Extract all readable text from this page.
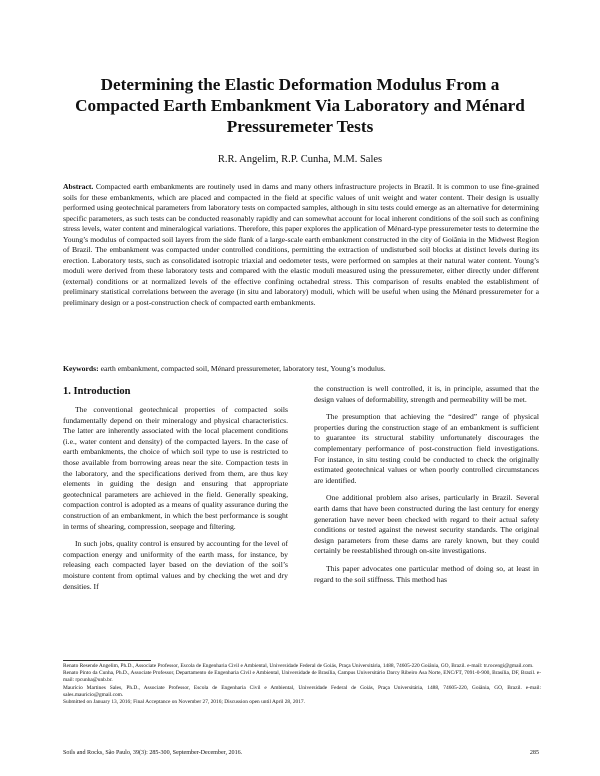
Determining the Elastic Deformation Modulus From a Compacted Earth Embankment Via Laboratory and Ménard Pressuremeter Tests
R.R. Angelim, R.P. Cunha, M.M. Sales
Abstract. Compacted earth embankments are routinely used in dams and many others infrastructure projects in Brazil. It is common to use fine-grained soils for these embankments, which are placed and compacted in the field at specific values of unit weight and water content. Their design is usually performed using geotechnical parameters from laboratory tests on compacted samples, although in situ tests could emerge as an alternative for determining specific parameters, as such tests can be conducted reasonably rapidly and can somewhat account for local inherent conditions of the soil such as confining stress levels, water content and mineralogical variations. Therefore, this paper explores the application of Ménard-type pressuremeter tests to determine the Young’s modulus of compacted soil layers from the side flank of a large-scale earth embankment constructed in the city of Goiânia in the Midwest Region of Brazil. The embankment was compacted under controlled conditions, permitting the extraction of undisturbed soil blocks at distinct levels during its erection. Laboratory tests, such as consolidated isotropic triaxial and oedometer tests, were performed on samples at their natural water content. Young’s moduli were derived from these laboratory tests and compared with the elastic moduli measured using the pressuremeter, either directly under different (external) conditions or at normalized levels of the effective confining octahedral stress. This comparison of results enabled the establishment of preliminary statistical correlations between the average (in situ and laboratory) moduli, which will be useful when using the Ménard pressuremeter for a preliminary design or a post-construction check of compacted earth embankments.
Keywords: earth embankment, compacted soil, Ménard pressuremeter, laboratory test, Young’s modulus.
1. Introduction

The conventional geotechnical properties of compacted soils fundamentally depend on their mineralogy and physical characteristics. The latter are inherently associated with the local placement conditions (i.e., water content and density) of the compacted layers. In the case of earth embankments, the choice of which soil type to use is restricted to those available from borrowing areas near the site. Compaction tests in the laboratory, and the specifications derived from them, are thus key elements in guiding the design and ensuring that appropriate geotechnical parameters are achieved in the field. Generally speaking, compaction control is adopted as a means of quality assurance during the construction of an embankment, in which the best performance is sought in terms of shearing, compression, seepage and filtering.

In such jobs, quality control is ensured by accounting for the level of compaction energy and uniformity of the earth mass, for instance, by releasing each compacted layer based on the deviation of the soil’s moisture content from optimal values and by checking the wet and dry densities. If

the construction is well controlled, it is, in principle, assumed that the design values of deformability, strength and permeability will be met.

The presumption that achieving the “desired” range of physical properties during the construction stage of an embankment is sufficient to guarantee its structural stability unfortunately discourages the complementary performance of post-construction field investigations. For instance, in situ testing could be conducted to check the originally estimated geotechnical values or when poorly controlled circumstances are identified.

One additional problem also arises, particularly in Brazil. Several earth dams that have been constructed during the last century for energy generation have never been checked with regard to their actual safety conditions or tested against the newest security standards. The original design parameters from these dams are rarely known, but they could certainly be reestablished through on-site investigations.

This paper advocates one particular method of doing so, at least in regard to the soil stiffness. This method has

Renato Resende Angelim, Ph.D., Associate Professor, Escola de Engenharia Civil e Ambiental, Universidade Federal de Goiás, Praça Universitária, 1488, 74605-220 Goiânia, GO, Brazil. e-mail: tr.rocengi@gmail.com.

Renato Pinto da Cunha, Ph.D., Associate Professor, Departamento de Engenharia Civil e Ambiental, Universidade de Brasília, Campus Universitário Darcy Ribeiro Asa Norte, ENC/FT, 7091-0-900, Brasília, DF, Brazil. e-mail: rpcunha@unb.br.

Maurício Martines Sales, Ph.D., Associate Professor, Escola de Engenharia Civil e Ambiental, Universidade Federal de Goiás, Praça Universitária, 1488, 74605-220, Goiânia, GO, Brazil. e-mail: sales.mauricio@gmail.com.

Submitted on January 13, 2016; Final Acceptance on November 27, 2016; Discussion open until April 28, 2017.

Soils and Rocks, São Paulo, 39(3): 285-300, September-December, 2016.	285
